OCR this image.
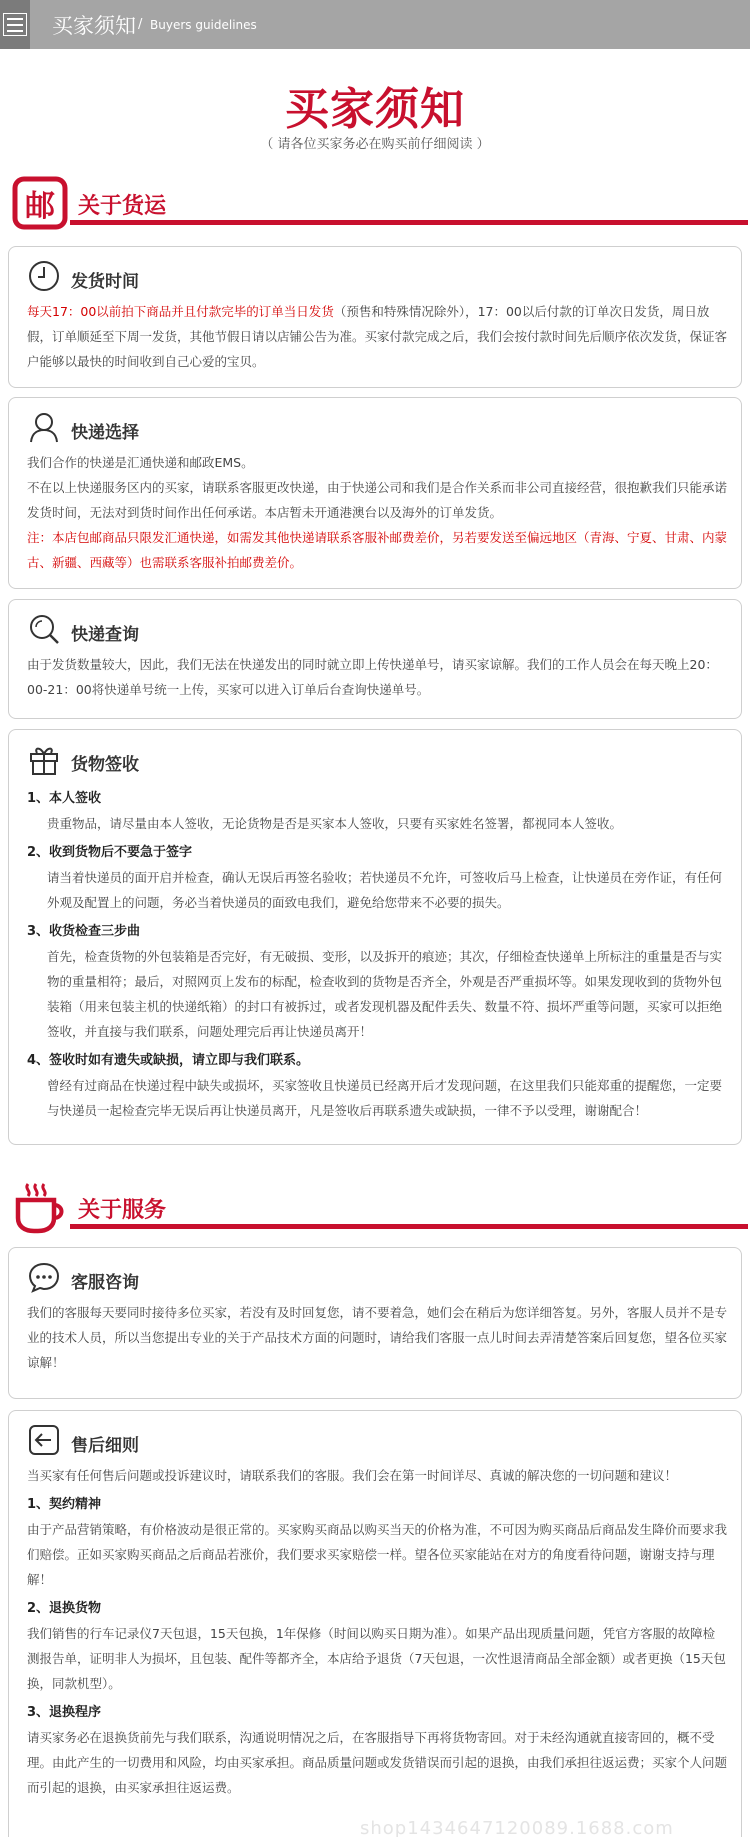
买家须知 / Buyers guidelines
买家须知
（ 请各位买家务必在购买前仔细阅读 ）
邮 关于货运
发货时间
每天17：00以前拍下商品并且付款完毕的订单当日发货（预售和特殊情况除外），17：00以后付款的订单次日发货，周日放假，订单顺延至下周一发货，其他节假日请以店铺公告为准。买家付款完成之后，我们会按付款时间先后顺序依次发货，保证客户能够以最快的时间收到自己心爱的宝贝。
快递选择

我们合作的快递是汇通快递和邮政EMS。

不在以上快递服务区内的买家，请联系客服更改快递，由于快递公司和我们是合作关系而非公司直接经营，很抱歉我们只能承诺发货时间，无法对到货时间作出任何承诺。本店暂未开通港澳台以及海外的订单发货。

注：本店包邮商品只限发汇通快递，如需发其他快递请联系客服补邮费差价，另若要发送至偏远地区（青海、宁夏、甘肃、内蒙古、新疆、西藏等）也需联系客服补拍邮费差价。

快递查询
由于发货数量较大，因此，我们无法在快递发出的同时就立即上传快递单号，请买家谅解。我们的工作人员会在每天晚上20：00-21：00将快递单号统一上传，买家可以进入订单后台查询快递单号。
货物签收
1、本人签收
贵重物品，请尽量由本人签收，无论货物是否是买家本人签收，只要有买家姓名签署，都视同本人签收。
2、收到货物后不要急于签字
请当着快递员的面开启并检查，确认无误后再签名验收；若快递员不允许，可签收后马上检查，让快递员在旁作证，有任何外观及配置上的问题，务必当着快递员的面致电我们，避免给您带来不必要的损失。
3、收货检查三步曲
首先，检查货物的外包装箱是否完好，有无破损、变形，以及拆开的痕迹；其次，仔细检查快递单上所标注的重量是否与实物的重量相符；最后，对照网页上发布的标配，检查收到的货物是否齐全，外观是否严重损坏等。如果发现收到的货物外包装箱（用来包装主机的快递纸箱）的封口有被拆过，或者发现机器及配件丢失、数量不符、损坏严重等问题，买家可以拒绝签收，并直接与我们联系，问题处理完后再让快递员离开！
4、签收时如有遗失或缺损，请立即与我们联系。
曾经有过商品在快递过程中缺失或损坏，买家签收且快递员已经离开后才发现问题，在这里我们只能郑重的提醒您，一定要与快递员一起检查完毕无误后再让快递员离开，凡是签收后再联系遗失或缺损，一律不予以受理，谢谢配合！
关于服务
客服咨询
我们的客服每天要同时接待多位买家，若没有及时回复您，请不要着急，她们会在稍后为您详细答复。另外，客服人员并不是专业的技术人员，所以当您提出专业的关于产品技术方面的问题时，请给我们客服一点儿时间去弄清楚答案后回复您，望各位买家谅解！
售后细则
当买家有任何售后问题或投诉建议时，请联系我们的客服。我们会在第一时间详尽、真诚的解决您的一切问题和建议！
1、契约精神
由于产品营销策略，有价格波动是很正常的。买家购买商品以购买当天的价格为准，不可因为购买商品后商品发生降价而要求我们赔偿。正如买家购买商品之后商品若涨价，我们要求买家赔偿一样。望各位买家能站在对方的角度看待问题，谢谢支持与理解！
2、退换货物
我们销售的行车记录仪7天包退，15天包换，1年保修（时间以购买日期为准）。如果产品出现质量问题，凭官方客服的故障检测报告单，证明非人为损坏，且包装、配件等都齐全，本店给予退货（7天包退，一次性退清商品全部金额）或者更换（15天包换，同款机型）。
3、退换程序
请买家务必在退换货前先与我们联系，沟通说明情况之后，在客服指导下再将货物寄回。对于未经沟通就直接寄回的，概不受理。由此产生的一切费用和风险，均由买家承担。商品质量问题或发货错误而引起的退换，由我们承担往返运费；买家个人问题而引起的退换，由买家承担往返运费。
shop1434647120089.1688.com
